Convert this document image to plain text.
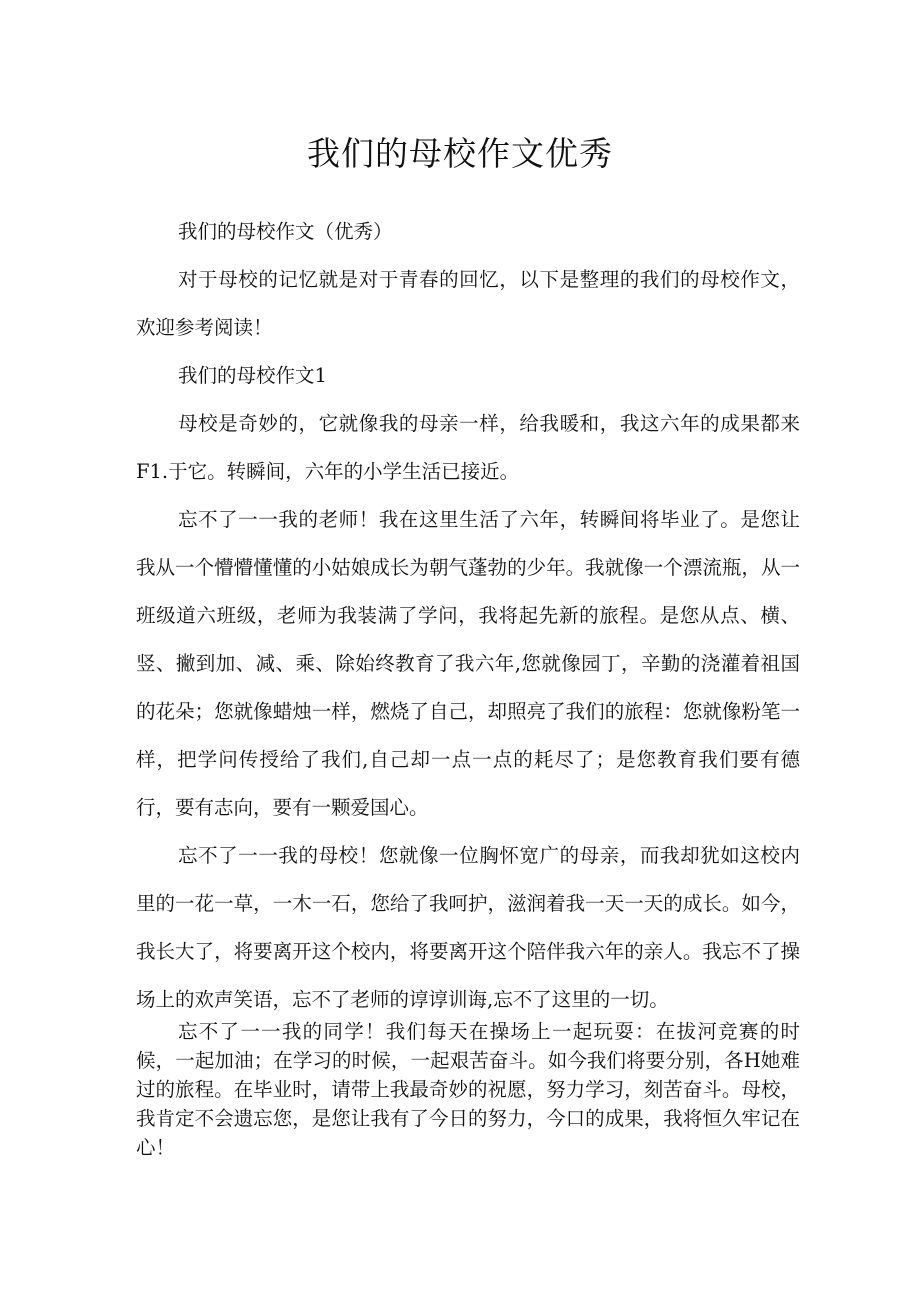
我们的母校作文优秀

我们的母校作文（优秀）

对于母校的记忆就是对于青春的回忆，以下是整理的我们的母校作文，欢迎参考阅读！

我们的母校作文1

母校是奇妙的，它就像我的母亲一样，给我暖和，我这六年的成果都来F1.于它。转瞬间，六年的小学生活已接近。

忘不了一一我的老师！我在这里生活了六年，转瞬间将毕业了。是您让我从一个懵懵懂懂的小姑娘成长为朝气蓬勃的少年。我就像一个漂流瓶，从一班级道六班级，老师为我装满了学问，我将起先新的旅程。是您从点、横、竖、撇到加、减、乘、除始终教育了我六年,您就像园丁，辛勤的浇灌着祖国的花朵；您就像蜡烛一样，燃烧了自己，却照亮了我们的旅程：您就像粉笔一样，把学问传授给了我们,自己却一点一点的耗尽了；是您教育我们要有德行，要有志向，要有一颗爱国心。

忘不了一一我的母校！您就像一位胸怀宽广的母亲，而我却犹如这校内里的一花一草，一木一石，您给了我呵护，滋润着我一天一天的成长。如今，我长大了，将要离开这个校内，将要离开这个陪伴我六年的亲人。我忘不了操场上的欢声笑语，忘不了老师的谆谆训诲,忘不了这里的一切。

忘不了一一我的同学！我们每天在操场上一起玩耍：在拔河竞赛的时候，一起加油；在学习的时候，一起艰苦奋斗。如今我们将要分别，各H她难过的旅程。在毕业时，请带上我最奇妙的祝愿，努力学习，刻苦奋斗。母校，我肯定不会遗忘您，是您让我有了今日的努力，今口的成果，我将恒久牢记在心！
